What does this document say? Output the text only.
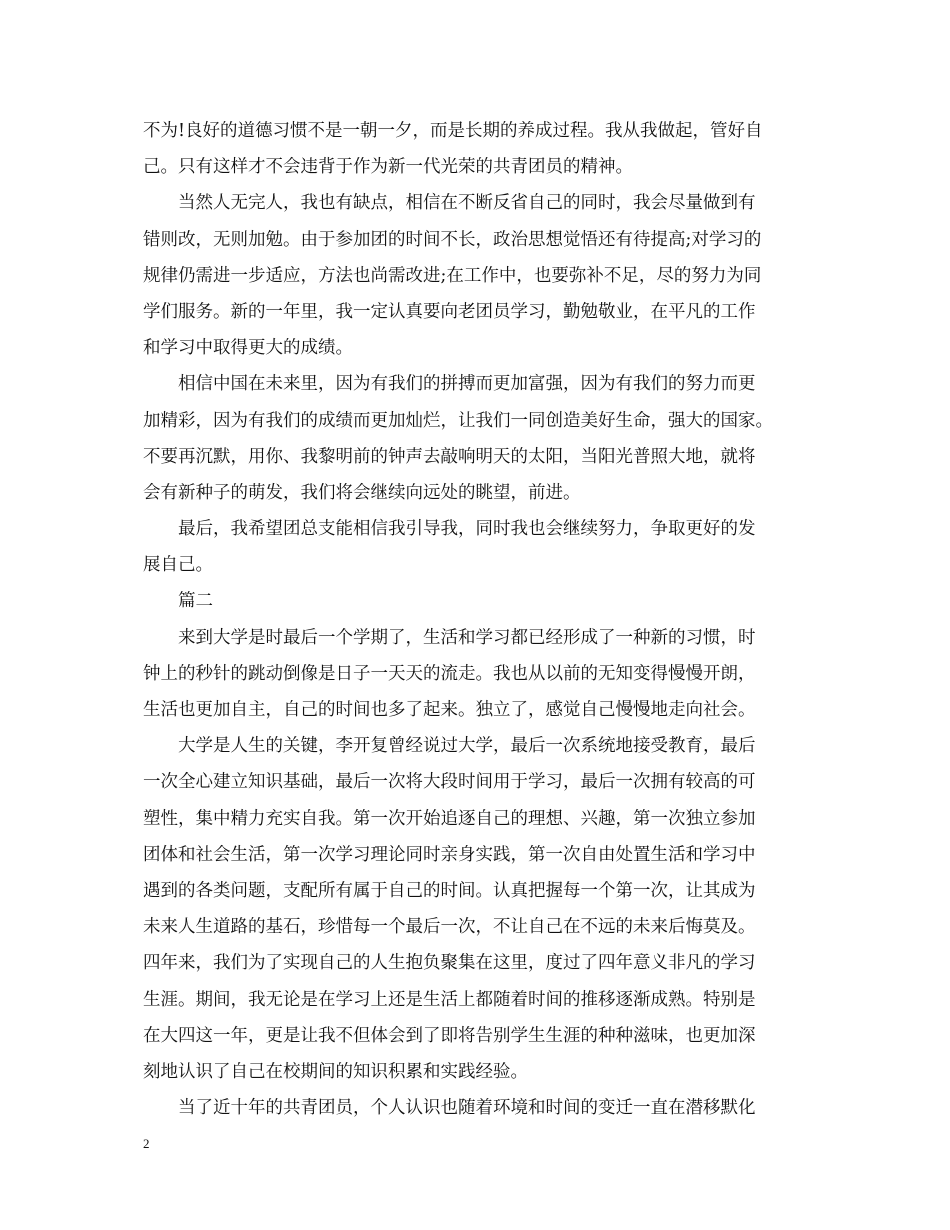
不为!良好的道德习惯不是一朝一夕，而是长期的养成过程。我从我做起，管好自
己。只有这样才不会违背于作为新一代光荣的共青团员的精神。
当然人无完人，我也有缺点，相信在不断反省自己的同时，我会尽量做到有
错则改，无则加勉。由于参加团的时间不长，政治思想觉悟还有待提高;对学习的
规律仍需进一步适应，方法也尚需改进;在工作中，也要弥补不足，尽的努力为同
学们服务。新的一年里，我一定认真要向老团员学习，勤勉敬业，在平凡的工作
和学习中取得更大的成绩。
相信中国在未来里，因为有我们的拼搏而更加富强，因为有我们的努力而更
加精彩，因为有我们的成绩而更加灿烂，让我们一同创造美好生命，强大的国家。
不要再沉默，用你、我黎明前的钟声去敲响明天的太阳，当阳光普照大地，就将
会有新种子的萌发，我们将会继续向远处的眺望，前进。
最后，我希望团总支能相信我引导我，同时我也会继续努力，争取更好的发
展自己。
篇二
来到大学是时最后一个学期了，生活和学习都已经形成了一种新的习惯，时
钟上的秒针的跳动倒像是日子一天天的流走。我也从以前的无知变得慢慢开朗，
生活也更加自主，自己的时间也多了起来。独立了，感觉自己慢慢地走向社会。
大学是人生的关键，李开复曾经说过大学，最后一次系统地接受教育，最后
一次全心建立知识基础，最后一次将大段时间用于学习，最后一次拥有较高的可
塑性，集中精力充实自我。第一次开始追逐自己的理想、兴趣，第一次独立参加
团体和社会生活，第一次学习理论同时亲身实践，第一次自由处置生活和学习中
遇到的各类问题，支配所有属于自己的时间。认真把握每一个第一次，让其成为
未来人生道路的基石，珍惜每一个最后一次，不让自己在不远的未来后悔莫及。
四年来，我们为了实现自己的人生抱负聚集在这里，度过了四年意义非凡的学习
生涯。期间，我无论是在学习上还是生活上都随着时间的推移逐渐成熟。特别是
在大四这一年，更是让我不但体会到了即将告别学生生涯的种种滋味，也更加深
刻地认识了自己在校期间的知识积累和实践经验。
当了近十年的共青团员，个人认识也随着环境和时间的变迁一直在潜移默化
2
